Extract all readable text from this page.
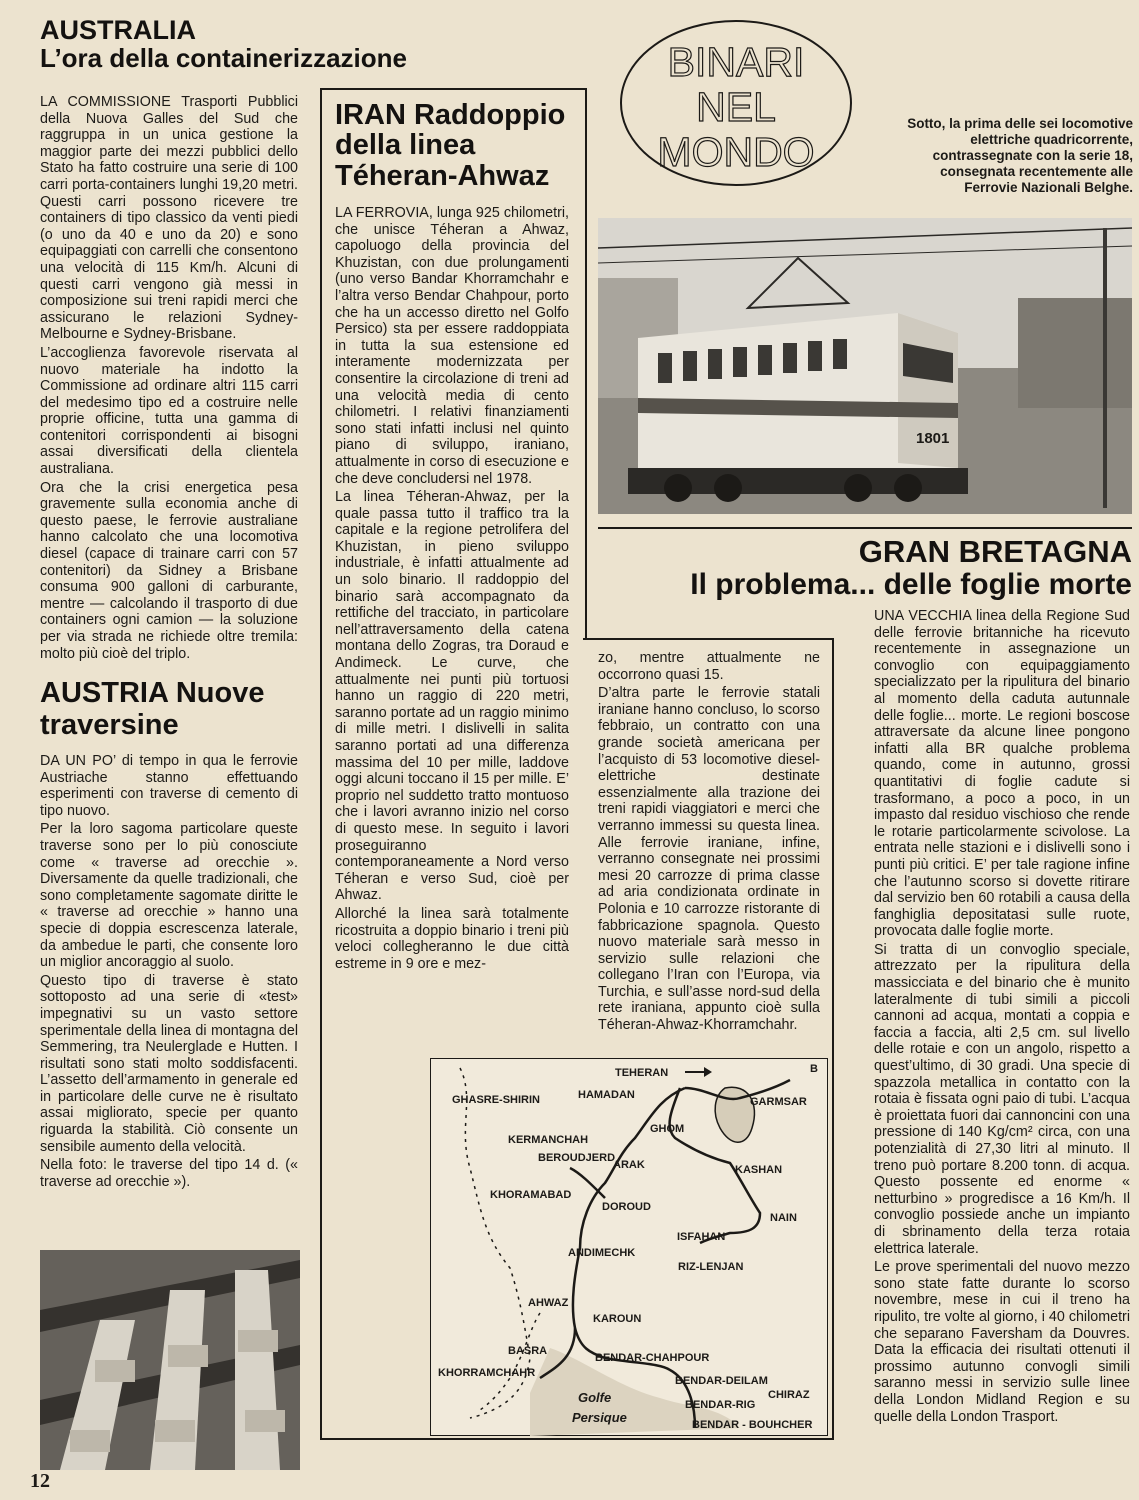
AUSTRALIA
L’ora della containerizzazione

LA COMMISSIONE Trasporti Pubblici della Nuova Galles del Sud che raggruppa in un unica gestione la maggior parte dei mezzi pubblici dello Stato ha fatto costruire una serie di 100 carri porta-containers lunghi 19,20 metri. Questi carri possono ricevere tre containers di tipo classico da venti piedi (o uno da 40 e uno da 20) e sono equipaggiati con carrelli che consentono una velocità di 115 Km/h. Alcuni di questi carri vengono già messi in composizione sui treni rapidi merci che assicurano le relazioni Sydney-Melbourne e Sydney-Brisbane.

L’accoglienza favorevole riservata al nuovo materiale ha indotto la Commissione ad ordinare altri 115 carri del medesimo tipo ed a costruire nelle proprie officine, tutta una gamma di contenitori corrispondenti ai bisogni assai diversificati della clientela australiana.

Ora che la crisi energetica pesa gravemente sulla economia anche di questo paese, le ferrovie australiane hanno calcolato che una locomotiva diesel (capace di trainare carri con 57 contenitori) da Sidney a Brisbane consuma 900 galloni di carburante, mentre — calcolando il trasporto di due containers ogni camion — la soluzione per via strada ne richiede oltre tremila: molto più cioè del triplo.

AUSTRIA Nuove
traversine

DA UN PO’ di tempo in qua le ferrovie Austriache stanno effettuando esperimenti con traverse di cemento di tipo nuovo.

Per la loro sagoma particolare queste traverse sono per lo più conosciute come « traverse ad orecchie ». Diversamente da quelle tradizionali, che sono completamente sagomate diritte le « traverse ad orecchie » hanno una specie di doppia escrescenza laterale, da ambedue le parti, che consente loro un miglior ancoraggio al suolo.

Questo tipo di traverse è stato sottoposto ad una serie di «test» impegnativi su un vasto settore sperimentale della linea di montagna del Semmering, tra Neulerglade e Hutten. I risultati sono stati molto soddisfacenti. L’assetto dell’armamento in generale ed in particolare delle curve ne è risultato assai migliorato, specie per quanto riguarda la stabilità. Ciò consente un sensibile aumento della velocità.

Nella foto: le traverse del tipo 14 d. (« traverse ad orecchie »).

12
IRAN Raddoppio
della linea
Téheran-Ahwaz

LA FERROVIA, lunga 925 chilometri, che unisce Téheran a Ahwaz, capoluogo della provincia del Khuzistan, con due prolungamenti (uno verso Bandar Khorramchahr e l’altra verso Bendar Chahpour, porto che ha un accesso diretto nel Golfo Persico) sta per essere raddoppiata in tutta la sua estensione ed interamente modernizzata per consentire la circolazione di treni ad una velocità media di cento chilometri. I relativi finanziamenti sono stati infatti inclusi nel quinto piano di sviluppo, iraniano, attualmente in corso di esecuzione e che deve concludersi nel 1978.

La linea Téheran-Ahwaz, per la quale passa tutto il traffico tra la capitale e la regione petrolifera del Khuzistan, in pieno sviluppo industriale, è infatti attualmente ad un solo binario. Il raddoppio del binario sarà accompagnato da rettifiche del tracciato, in particolare nell’attraversamento della catena montana dello Zogras, tra Doraud e Andimeck. Le curve, che attualmente nei punti più tortuosi hanno un raggio di 220 metri, saranno portate ad un raggio minimo di mille metri. I dislivelli in salita saranno portati ad una differenza massima del 10 per mille, laddove oggi alcuni toccano il 15 per mille. E’ proprio nel suddetto tratto montuoso che i lavori avranno inizio nel corso di questo mese. In seguito i lavori proseguiranno contemporaneamente a Nord verso Téheran e verso Sud, cioè per Ahwaz.

Allorché la linea sarà totalmente ricostruita a doppio binario i treni più veloci collegheranno le due città estreme in 9 ore e mez-

zo, mentre attualmente ne occorrono quasi 15.

D’altra parte le ferrovie statali iraniane hanno concluso, lo scorso febbraio, un contratto con una grande società americana per l’acquisto di 53 locomotive diesel-elettriche destinate essenzialmente alla trazione dei treni rapidi viaggiatori e merci che verranno immessi su questa linea. Alle ferrovie iraniane, infine, verranno consegnate nei prossimi mesi 20 carrozze di prima classe ad aria condizionata ordinate in Polonia e 10 carrozze ristorante di fabbricazione spagnola. Questo nuovo materiale sarà messo in servizio sulle relazioni che collegano l’Iran con l’Europa, via Turchia, e sull’asse nord-sud della rete iraniana, appunto cioè sulla Téheran-Ahwaz-Khorramchahr.

TEHERAN	B
GARMSAR
GHASRE-SHIRIN	HAMADAN
GHOM
KERMANCHAH
BEROUDJERD
ARAK	KASHAN
KHORAMABAD
DOROUD
NAIN
ISFAHAN
RIZ-LENJAN
ANDIMECHK
AHWAZ
KAROUN
BASRA
BENDAR-CHAHPOUR
KHORRAMCHAHR
BENDAR-DEILAM
CHIRAZ
BENDAR-RIG
BENDAR - BOUHCHER
Golfe
Persique
BINARI
NEL
MONDO
Sotto, la prima delle sei locomotive elettriche quadricorrente, contrassegnate con la serie 18, consegnata recentemente alle Ferrovie Nazionali Belghe.
1801
GRAN BRETAGNA
Il problema... delle foglie morte

UNA VECCHIA linea della Regione Sud delle ferrovie britanniche ha ricevuto recentemente in assegnazione un convoglio con equipaggiamento specializzato per la ripulitura del binario al momento della caduta autunnale delle foglie... morte. Le regioni boscose attraversate da alcune linee pongono infatti alla BR qualche problema quando, come in autunno, grossi quantitativi di foglie cadute si trasformano, a poco a poco, in un impasto dal residuo vischioso che rende le rotarie particolarmente scivolose. La entrata nelle stazioni e i dislivelli sono i punti più critici. E’ per tale ragione infine che l’autunno scorso si dovette ritirare dal servizio ben 60 rotabili a causa della fanghiglia depositatasi sulle ruote, provocata dalle foglie morte.

Si tratta di un convoglio speciale, attrezzato per la ripulitura della massicciata e del binario che è munito lateralmente di tubi simili a piccoli cannoni ad acqua, montati a coppia e faccia a faccia, alti 2,5 cm. sul livello delle rotaie e con un angolo, rispetto a quest’ultimo, di 30 gradi. Una specie di spazzola metallica in contatto con la rotaia è fissata ogni paio di tubi. L’acqua è proiettata fuori dai cannoncini con una pressione di 140 Kg/cm² circa, con una potenzialità di 27,30 litri al minuto. Il treno può portare 8.200 tonn. di acqua. Questo possente ed enorme « netturbino » progredisce a 16 Km/h. Il convoglio possiede anche un impianto di sbrinamento della terza rotaia elettrica laterale.

Le prove sperimentali del nuovo mezzo sono state fatte durante lo scorso novembre, mese in cui il treno ha ripulito, tre volte al giorno, i 40 chilometri che separano Faversham da Douvres. Data la efficacia dei risultati ottenuti il prossimo autunno convogli simili saranno messi in servizio sulle linee della London Midland Region e su quelle della London Trasport.
